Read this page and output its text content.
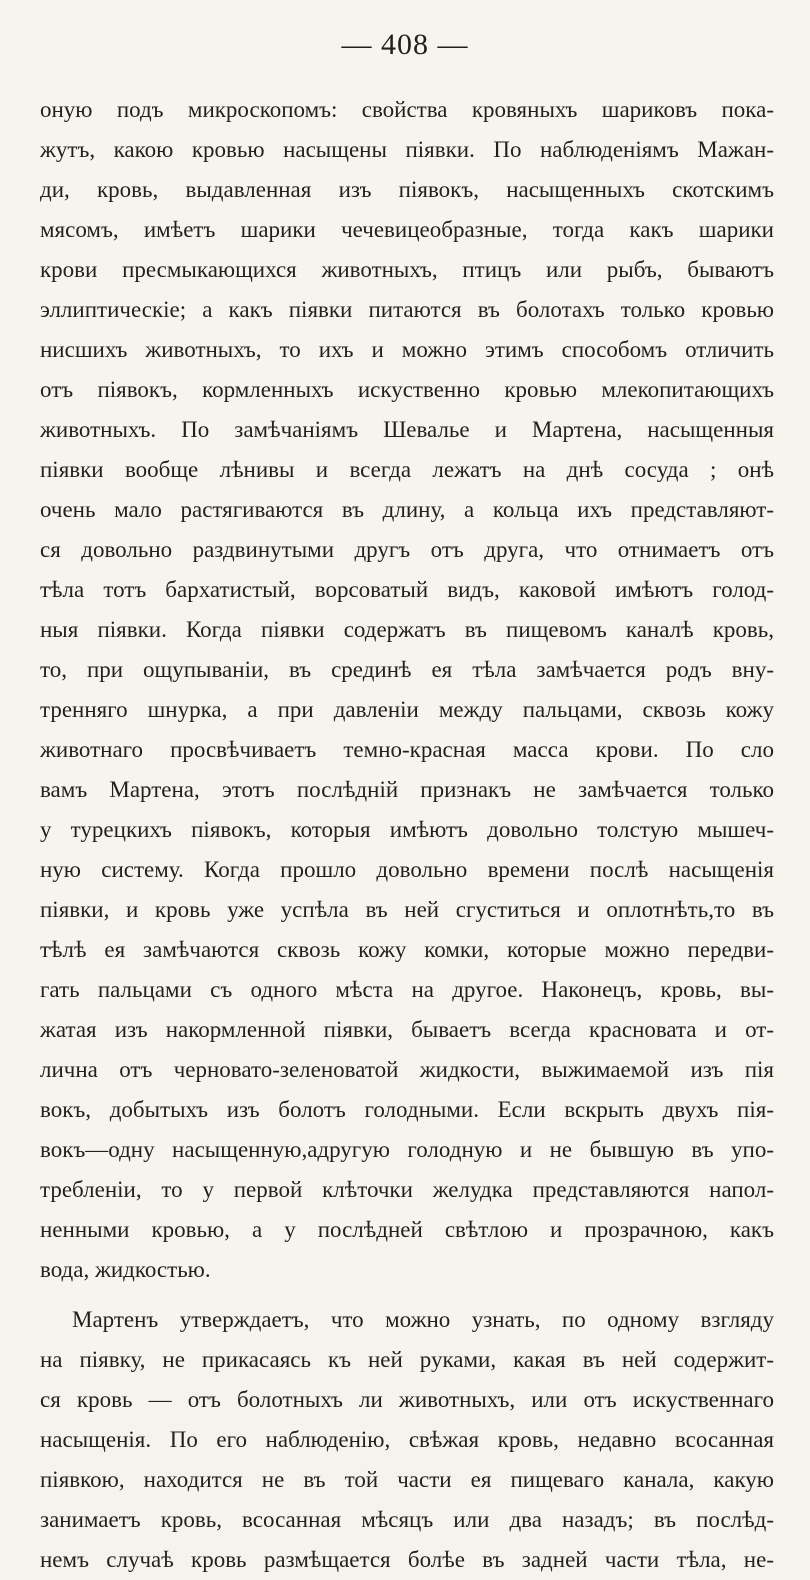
— 408 —
оную подъ микроскопомъ: свойства кровяныхъ шариковъ пока-
жутъ, какою кровью насыщены піявки. По наблюденіямъ Мажан-
ди, кровь, выдавленная изъ піявокъ, насыщенныхъ скотскимъ
мясомъ, имѣетъ шарики чечевицеобразные, тогда какъ шарики
крови пресмыкающихся животныхъ, птицъ или рыбъ, бываютъ
эллиптическіе; а какъ піявки питаются въ болотахъ только кровью
нисшихъ животныхъ, то ихъ и можно этимъ способомъ отличить
отъ піявокъ, кормленныхъ искуственно кровью млекопитающихъ
животныхъ. По замѣчаніямъ Шевалье и Мартена, насыщенныя
піявки вообще лѣнивы и всегда лежатъ на днѣ сосуда ; онѣ
очень мало растягиваются въ длину, а кольца ихъ представляют-
ся довольно раздвинутыми другъ отъ друга, что отнимаетъ отъ
тѣла тотъ бархатистый, ворсоватый видъ, каковой имѣютъ голод-
ныя піявки. Когда піявки содержатъ въ пищевомъ каналѣ кровь,
то, при ощупываніи, въ срединѣ ея тѣла замѣчается родъ вну-
тренняго шнурка, а при давленіи между пальцами, сквозь кожу
животнаго просвѣчиваетъ темно-красная масса крови. По сло
вамъ Мартена, этотъ послѣдній признакъ не замѣчается только
у турецкихъ піявокъ, которыя имѣютъ довольно толстую мышеч-
ную систему. Когда прошло довольно времени послѣ насыщенія
піявки, и кровь уже успѣла въ ней сгуститься и оплотнѣть,то въ
тѣлѣ ея замѣчаются сквозь кожу комки, которые можно передви-
гать пальцами съ одного мѣста на другое. Наконецъ, кровь, вы-
жатая изъ накормленной піявки, бываетъ всегда красновата и от-
лична отъ черновато-зеленоватой жидкости, выжимаемой изъ пія
вокъ, добытыхъ изъ болотъ голодными. Если вскрыть двухъ пія-
вокъ—одну насыщенную,адругую голодную и не бывшую въ упо-
требленіи, то у первой клѣточки желудка представляются напол-
ненными кровью, а у послѣдней свѣтлою и прозрачною, какъ
вода, жидкостью.
Мартенъ утверждаетъ, что можно узнать, по одному взгляду
на піявку, не прикасаясь къ ней руками, какая въ ней содержит-
ся кровь — отъ болотныхъ ли животныхъ, или отъ искуственнаго
насыщенія. По его наблюденію, свѣжая кровь, недавно всосанная
піявкою, находится не въ той части ея пищеваго канала, какую
занимаетъ кровь, всосанная мѣсяцъ или два назадъ; въ послѣд-
немъ случаѣ кровь размѣщается болѣе въ задней части тѣла, не-
